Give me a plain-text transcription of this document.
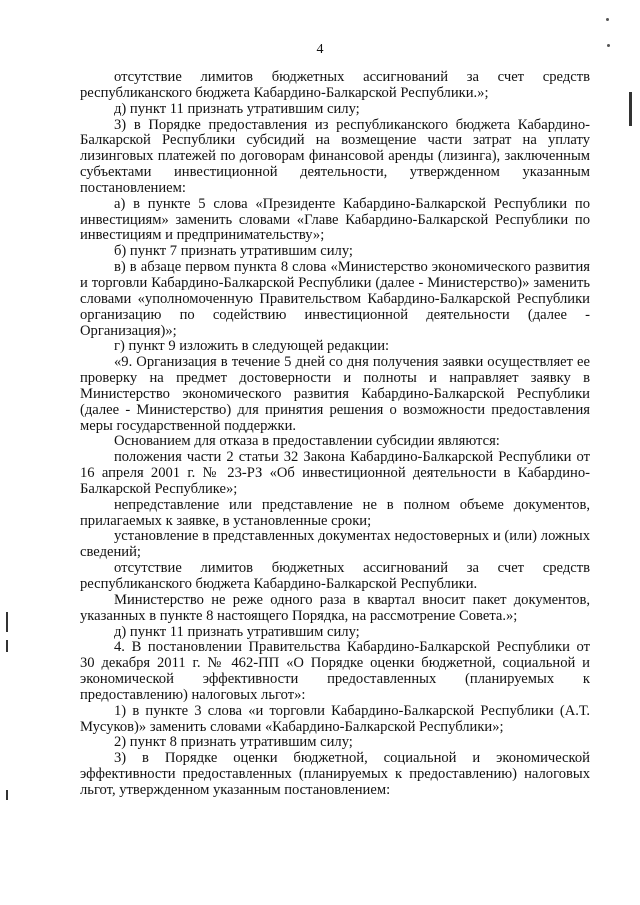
4

отсутствие лимитов бюджетных ассигнований за счет средств республиканского бюджета Кабардино-Балкарской Республики.»;

д) пункт 11 признать утратившим силу;

3) в Порядке предоставления из республиканского бюджета Кабардино-Балкарской Республики субсидий на возмещение части затрат на уплату лизинговых платежей по договорам финансовой аренды (лизинга), заключенным субъектами инвестиционной деятельности, утвержденном указанным постановлением:

а) в пункте 5 слова «Президенте Кабардино-Балкарской Республики по инвестициям» заменить словами «Главе Кабардино-Балкарской Республики по инвестициям и предпринимательству»;

б) пункт 7 признать утратившим силу;

в) в абзаце первом пункта 8 слова «Министерство экономического развития и торговли Кабардино-Балкарской Республики (далее - Министерство)» заменить словами «уполномоченную Правительством Кабардино-Балкарской Республики организацию по содействию инвестиционной деятельности (далее - Организация)»;

г) пункт 9 изложить в следующей редакции:

«9. Организация в течение 5 дней со дня получения заявки осуществляет ее проверку на предмет достоверности и полноты и направляет заявку в Министерство экономического развития Кабардино-Балкарской Республики (далее - Министерство) для принятия решения о возможности предоставления меры государственной поддержки.

Основанием для отказа в предоставлении субсидии являются:

положения части 2 статьи 32 Закона Кабардино-Балкарской Республики от 16 апреля 2001 г. № 23-РЗ «Об инвестиционной деятельности в Кабардино-Балкарской Республике»;

непредставление или представление не в полном объеме документов, прилагаемых к заявке, в установленные сроки;

установление в представленных документах недостоверных и (или) ложных сведений;

отсутствие лимитов бюджетных ассигнований за счет средств республиканского бюджета Кабардино-Балкарской Республики.

Министерство не реже одного раза в квартал вносит пакет документов, указанных в пункте 8 настоящего Порядка, на рассмотрение Совета.»;

д) пункт 11 признать утратившим силу;

4. В постановлении Правительства Кабардино-Балкарской Республики от 30 декабря 2011 г. № 462-ПП «О Порядке оценки бюджетной, социальной и экономической эффективности предоставленных (планируемых к предоставлению) налоговых льгот»:

1) в пункте 3 слова «и торговли Кабардино-Балкарской Республики (А.Т. Мусуков)» заменить словами «Кабардино-Балкарской Республики»;

2) пункт 8 признать утратившим силу;

3) в Порядке оценки бюджетной, социальной и экономической эффективности предоставленных (планируемых к предоставлению) налоговых льгот, утвержденном указанным постановлением:
